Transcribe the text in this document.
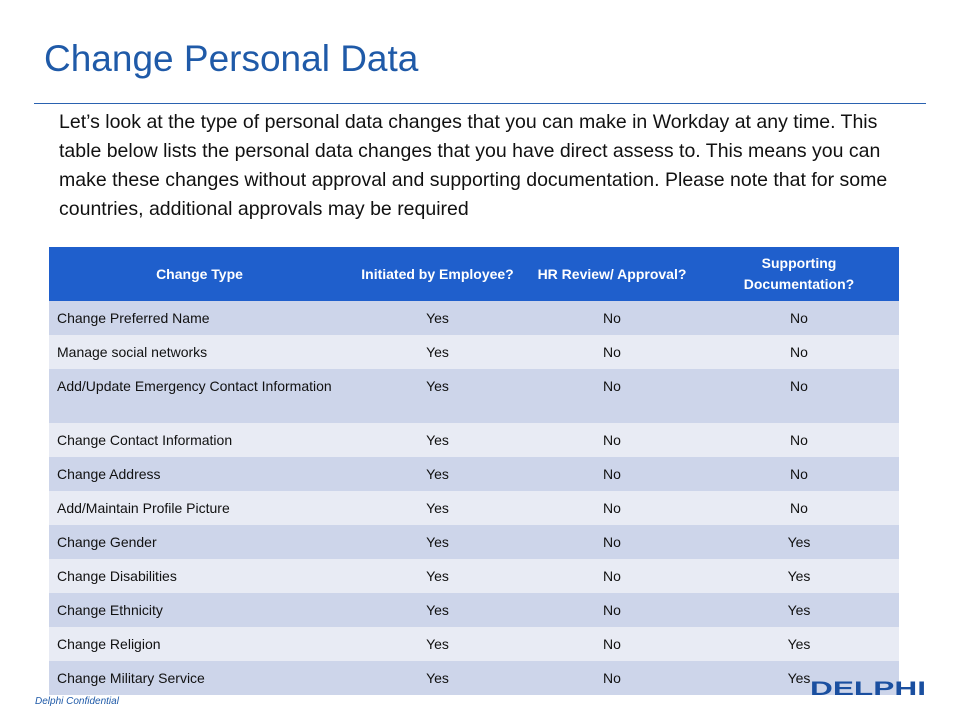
Change Personal Data

Let’s look at the type of personal data changes that you can make in Workday at any time. This table below lists the personal data changes that you have direct assess to. This means you can make these changes without approval and supporting documentation. Please note that for some countries, additional approvals may be required

Change Type	Initiated by Employee?	HR Review/ Approval?	Supporting Documentation?
Change Preferred Name	Yes	No	No
Manage social networks	Yes	No	No
Add/Update Emergency Contact Information	Yes	No	No
Change Contact Information	Yes	No	No
Change Address	Yes	No	No
Add/Maintain Profile Picture	Yes	No	No
Change Gender	Yes	No	Yes
Change Disabilities	Yes	No	Yes
Change Ethnicity	Yes	No	Yes
Change Religion	Yes	No	Yes
Change Military Service	Yes	No	Yes
Delphi Confidential
DELPHI
